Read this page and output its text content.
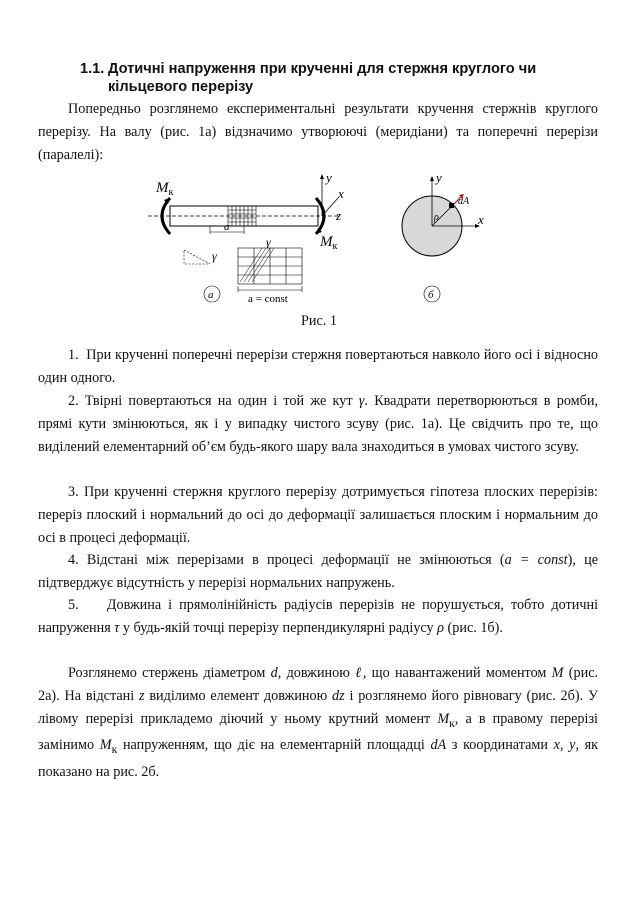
1.1. Дотичні напруження при крученні для стержня круглого чи кільцевого перерізу

Попередньо розглянемо експериментальні результати кручення стержнів круглого перерізу. На валу (рис. 1а) відзначимо утворюючі (меридіани) та поперечні перерізи (паралелі):

$M_к$
$M_к$
y
x
z
a
γ
γ
a = const
а	б
y
x
ρ
dA
Рис. 1

1. При крученні поперечні перерізи стержня повертаються навколо його осі і відносно один одного.

2. Твірні повертаються на один і той же кут γ. Квадрати перетворюються в ромби, прямі кути змінюються, як і у випадку чистого зсуву (рис. 1а). Це свідчить про те, що виділений елементарний об’єм будь-якого шару вала знаходиться в умовах чистого зсуву.

3. При крученні стержня круглого перерізу дотримується гіпотеза плоских перерізів: переріз плоский і нормальний до осі до деформації залишається плоским і нормальним до осі в процесі деформації.

4. Відстані між перерізами в процесі деформації не змінюються (a = const), це підтверджує відсутність у перерізі нормальних напружень.

5. Довжина і прямолінійність радіусів перерізів не порушується, тобто дотичні напруження τ у будь-якій точці перерізу перпендикулярні радіусу ρ (рис. 1б).

Розглянемо стержень діаметром d, довжиною ℓ, що навантажений моментом M (рис. 2а). На відстані z виділимо елемент довжиною dz і розглянемо його рівновагу (рис. 2б). У лівому перерізі прикладемо діючий у ньому крутний момент $M_к$, а в правому перерізі замінимо $M_к$ напруженням, що діє на елементарній площадці dA з координатами x, y, як показано на рис. 2б.
